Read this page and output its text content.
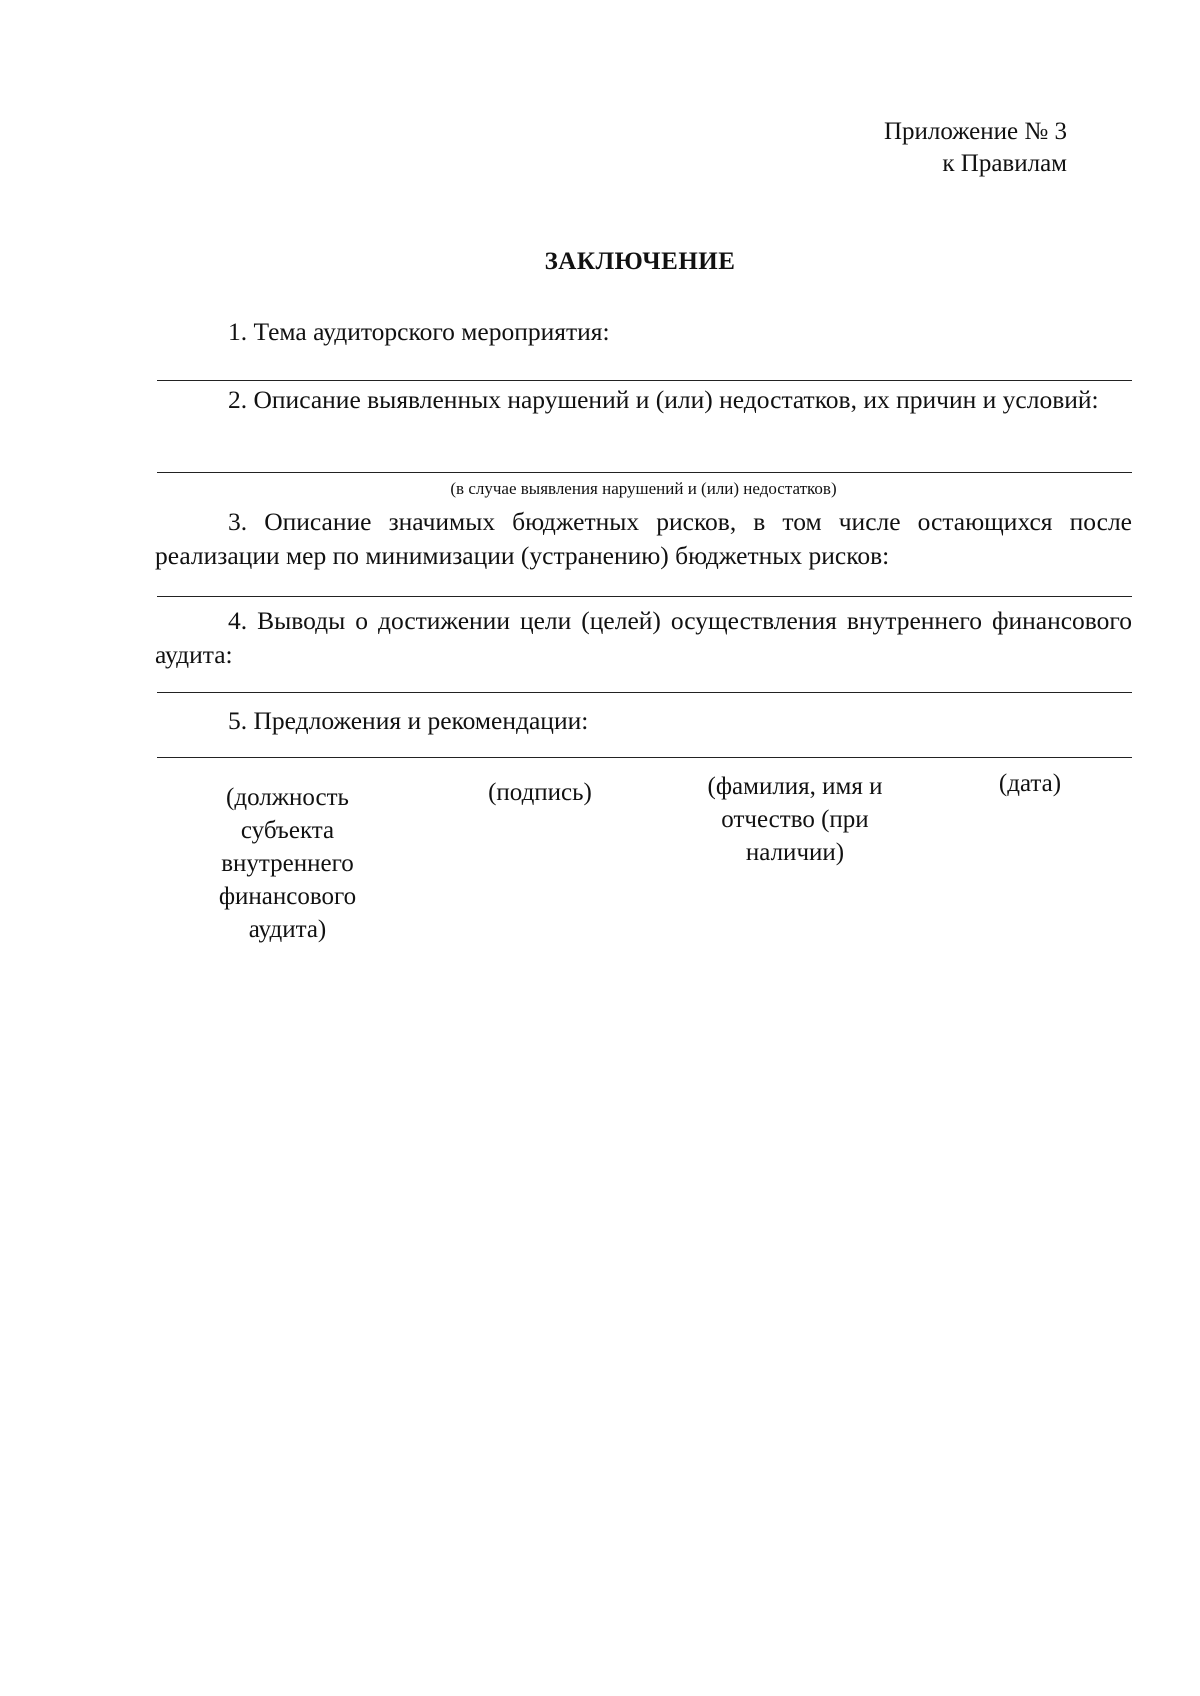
Приложение № 3
к Правилам
ЗАКЛЮЧЕНИЕ
1. Тема аудиторского мероприятия:
2. Описание выявленных нарушений и (или) недостатков, их причин и условий:
(в случае выявления нарушений и (или) недостатков)
3. Описание значимых бюджетных рисков, в том числе остающихся после реализации мер по минимизации (устранению) бюджетных рисков:
4. Выводы о достижении цели (целей) осуществления внутреннего финансового аудита:
5. Предложения и рекомендации:
(должность субъекта внутреннего финансового аудита)
(подпись)	(фамилия, имя и отчество (при наличии)
(дата)
